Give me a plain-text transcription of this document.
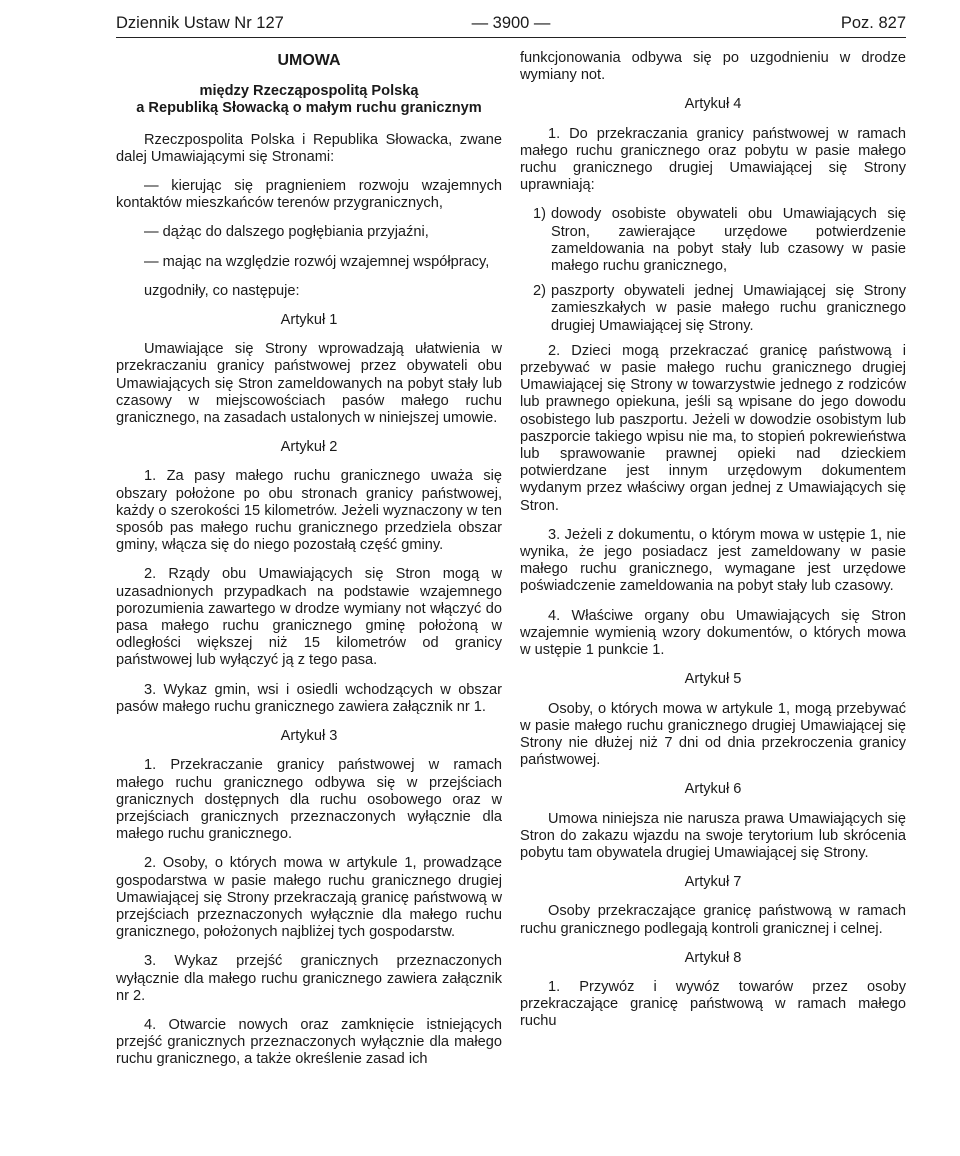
Dziennik Ustaw Nr 127	— 3900 —	Poz. 827
UMOWA
między Rzecząpospolitą Polską
a Republiką Słowacką o małym ruchu granicznym

Rzeczpospolita Polska i Republika Słowacka, zwane dalej Umawiającymi się Stronami:

— kierując się pragnieniem rozwoju wzajemnych kontaktów mieszkańców terenów przygranicznych,

— dążąc do dalszego pogłębiania przyjaźni,

— mając na względzie rozwój wzajemnej współpracy,

uzgodniły, co następuje:

Artykuł 1

Umawiające się Strony wprowadzają ułatwienia w przekraczaniu granicy państwowej przez obywateli obu Umawiających się Stron zameldowanych na pobyt stały lub czasowy w miejscowościach pasów małego ruchu granicznego, na zasadach ustalonych w niniejszej umowie.

Artykuł 2

1. Za pasy małego ruchu granicznego uważa się obszary położone po obu stronach granicy państwowej, każdy o szerokości 15 kilometrów. Jeżeli wyznaczony w ten sposób pas małego ruchu granicznego przedziela obszar gminy, włącza się do niego pozostałą część gminy.

2. Rządy obu Umawiających się Stron mogą w uzasadnionych przypadkach na podstawie wzajemnego porozumienia zawartego w drodze wymiany not włączyć do pasa małego ruchu granicznego gminę położoną w odległości większej niż 15 kilometrów od granicy państwowej lub wyłączyć ją z tego pasa.

3. Wykaz gmin, wsi i osiedli wchodzących w obszar pasów małego ruchu granicznego zawiera załącznik nr 1.

Artykuł 3

1. Przekraczanie granicy państwowej w ramach małego ruchu granicznego odbywa się w przejściach granicznych dostępnych dla ruchu osobowego oraz w przejściach granicznych przeznaczonych wyłącznie dla małego ruchu granicznego.

2. Osoby, o których mowa w artykule 1, prowadzące gospodarstwa w pasie małego ruchu granicznego drugiej Umawiającej się Strony przekraczają granicę państwową w przejściach przeznaczonych wyłącznie dla małego ruchu granicznego, położonych najbliżej tych gospodarstw.

3. Wykaz przejść granicznych przeznaczonych wyłącznie dla małego ruchu granicznego zawiera załącznik nr 2.

4. Otwarcie nowych oraz zamknięcie istniejących przejść granicznych przeznaczonych wyłącznie dla małego ruchu granicznego, a także określenie zasad ich

funkcjonowania odbywa się po uzgodnieniu w drodze wymiany not.

Artykuł 4

1. Do przekraczania granicy państwowej w ramach małego ruchu granicznego oraz pobytu w pasie małego ruchu granicznego drugiej Umawiającej się Strony uprawniają:

1) dowody osobiste obywateli obu Umawiających się Stron, zawierające urzędowe potwierdzenie zameldowania na pobyt stały lub czasowy w pasie małego ruchu granicznego,
2) paszporty obywateli jednej Umawiającej się Strony zamieszkałych w pasie małego ruchu granicznego drugiej Umawiającej się Strony.

2. Dzieci mogą przekraczać granicę państwową i przebywać w pasie małego ruchu granicznego drugiej Umawiającej się Strony w towarzystwie jednego z rodziców lub prawnego opiekuna, jeśli są wpisane do jego dowodu osobistego lub paszportu. Jeżeli w dowodzie osobistym lub paszporcie takiego wpisu nie ma, to stopień pokrewieństwa lub sprawowanie prawnej opieki nad dzieckiem potwierdzane jest innym urzędowym dokumentem wydanym przez właściwy organ jednej z Umawiających się Stron.

3. Jeżeli z dokumentu, o którym mowa w ustępie 1, nie wynika, że jego posiadacz jest zameldowany w pasie małego ruchu granicznego, wymagane jest urzędowe poświadczenie zameldowania na pobyt stały lub czasowy.

4. Właściwe organy obu Umawiających się Stron wzajemnie wymienią wzory dokumentów, o których mowa w ustępie 1 punkcie 1.

Artykuł 5

Osoby, o których mowa w artykule 1, mogą przebywać w pasie małego ruchu granicznego drugiej Umawiającej się Strony nie dłużej niż 7 dni od dnia przekroczenia granicy państwowej.

Artykuł 6

Umowa niniejsza nie narusza prawa Umawiających się Stron do zakazu wjazdu na swoje terytorium lub skrócenia pobytu tam obywatela drugiej Umawiającej się Strony.

Artykuł 7

Osoby przekraczające granicę państwową w ramach ruchu granicznego podlegają kontroli granicznej i celnej.

Artykuł 8

1. Przywóz i wywóz towarów przez osoby przekraczające granicę państwową w ramach małego ruchu
